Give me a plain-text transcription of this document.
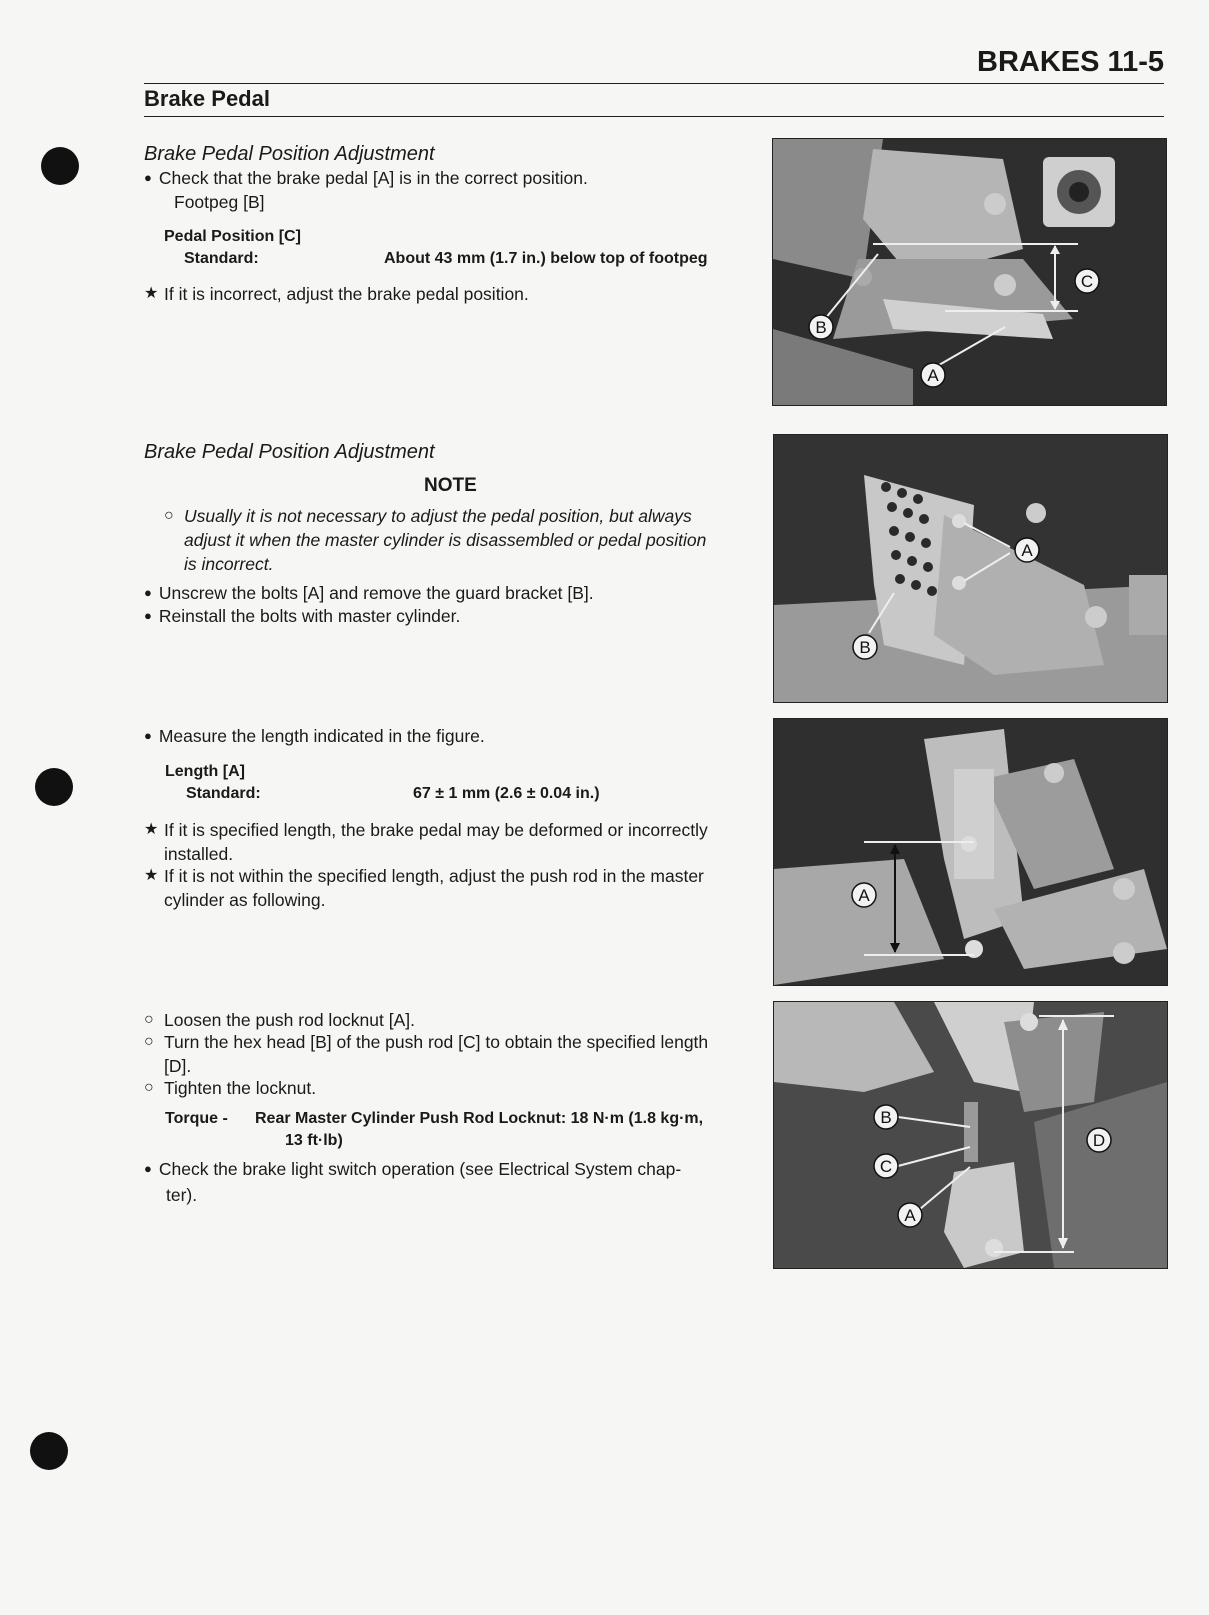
BRAKES 11-5
Brake Pedal
Brake Pedal Position Adjustment
● Check that the brake pedal [A] is in the correct position.
Footpeg [B]
Pedal Position [C]
Standard:	About 43 mm (1.7 in.) below top of footpeg
★ If it is incorrect, adjust the brake pedal position.
C
B
A
Brake Pedal Position Adjustment
NOTE
○ Usually it is not necessary to adjust the pedal position, but always
adjust it when the master cylinder is disassembled or pedal position
is incorrect.
● Unscrew the bolts [A] and remove the guard bracket [B].
● Reinstall the bolts with master cylinder.
A
B
● Measure the length indicated in the figure.
Length [A]
Standard:	67 ± 1 mm (2.6 ± 0.04 in.)
★ If it is specified length, the brake pedal may be deformed or incorrectly
installed.
★ If it is not within the specified length, adjust the push rod in the master
cylinder as following.	A
○ Loosen the push rod locknut [A].
○ Turn the hex head [B] of the push rod [C] to obtain the specified length
[D].
○ Tighten the locknut.
Torque - Rear Master Cylinder Push Rod Locknut: 18 N·m (1.8 kg·m,
13 ft·lb)
● Check the brake light switch operation (see Electrical System chap-
ter).
B
C
A
D
